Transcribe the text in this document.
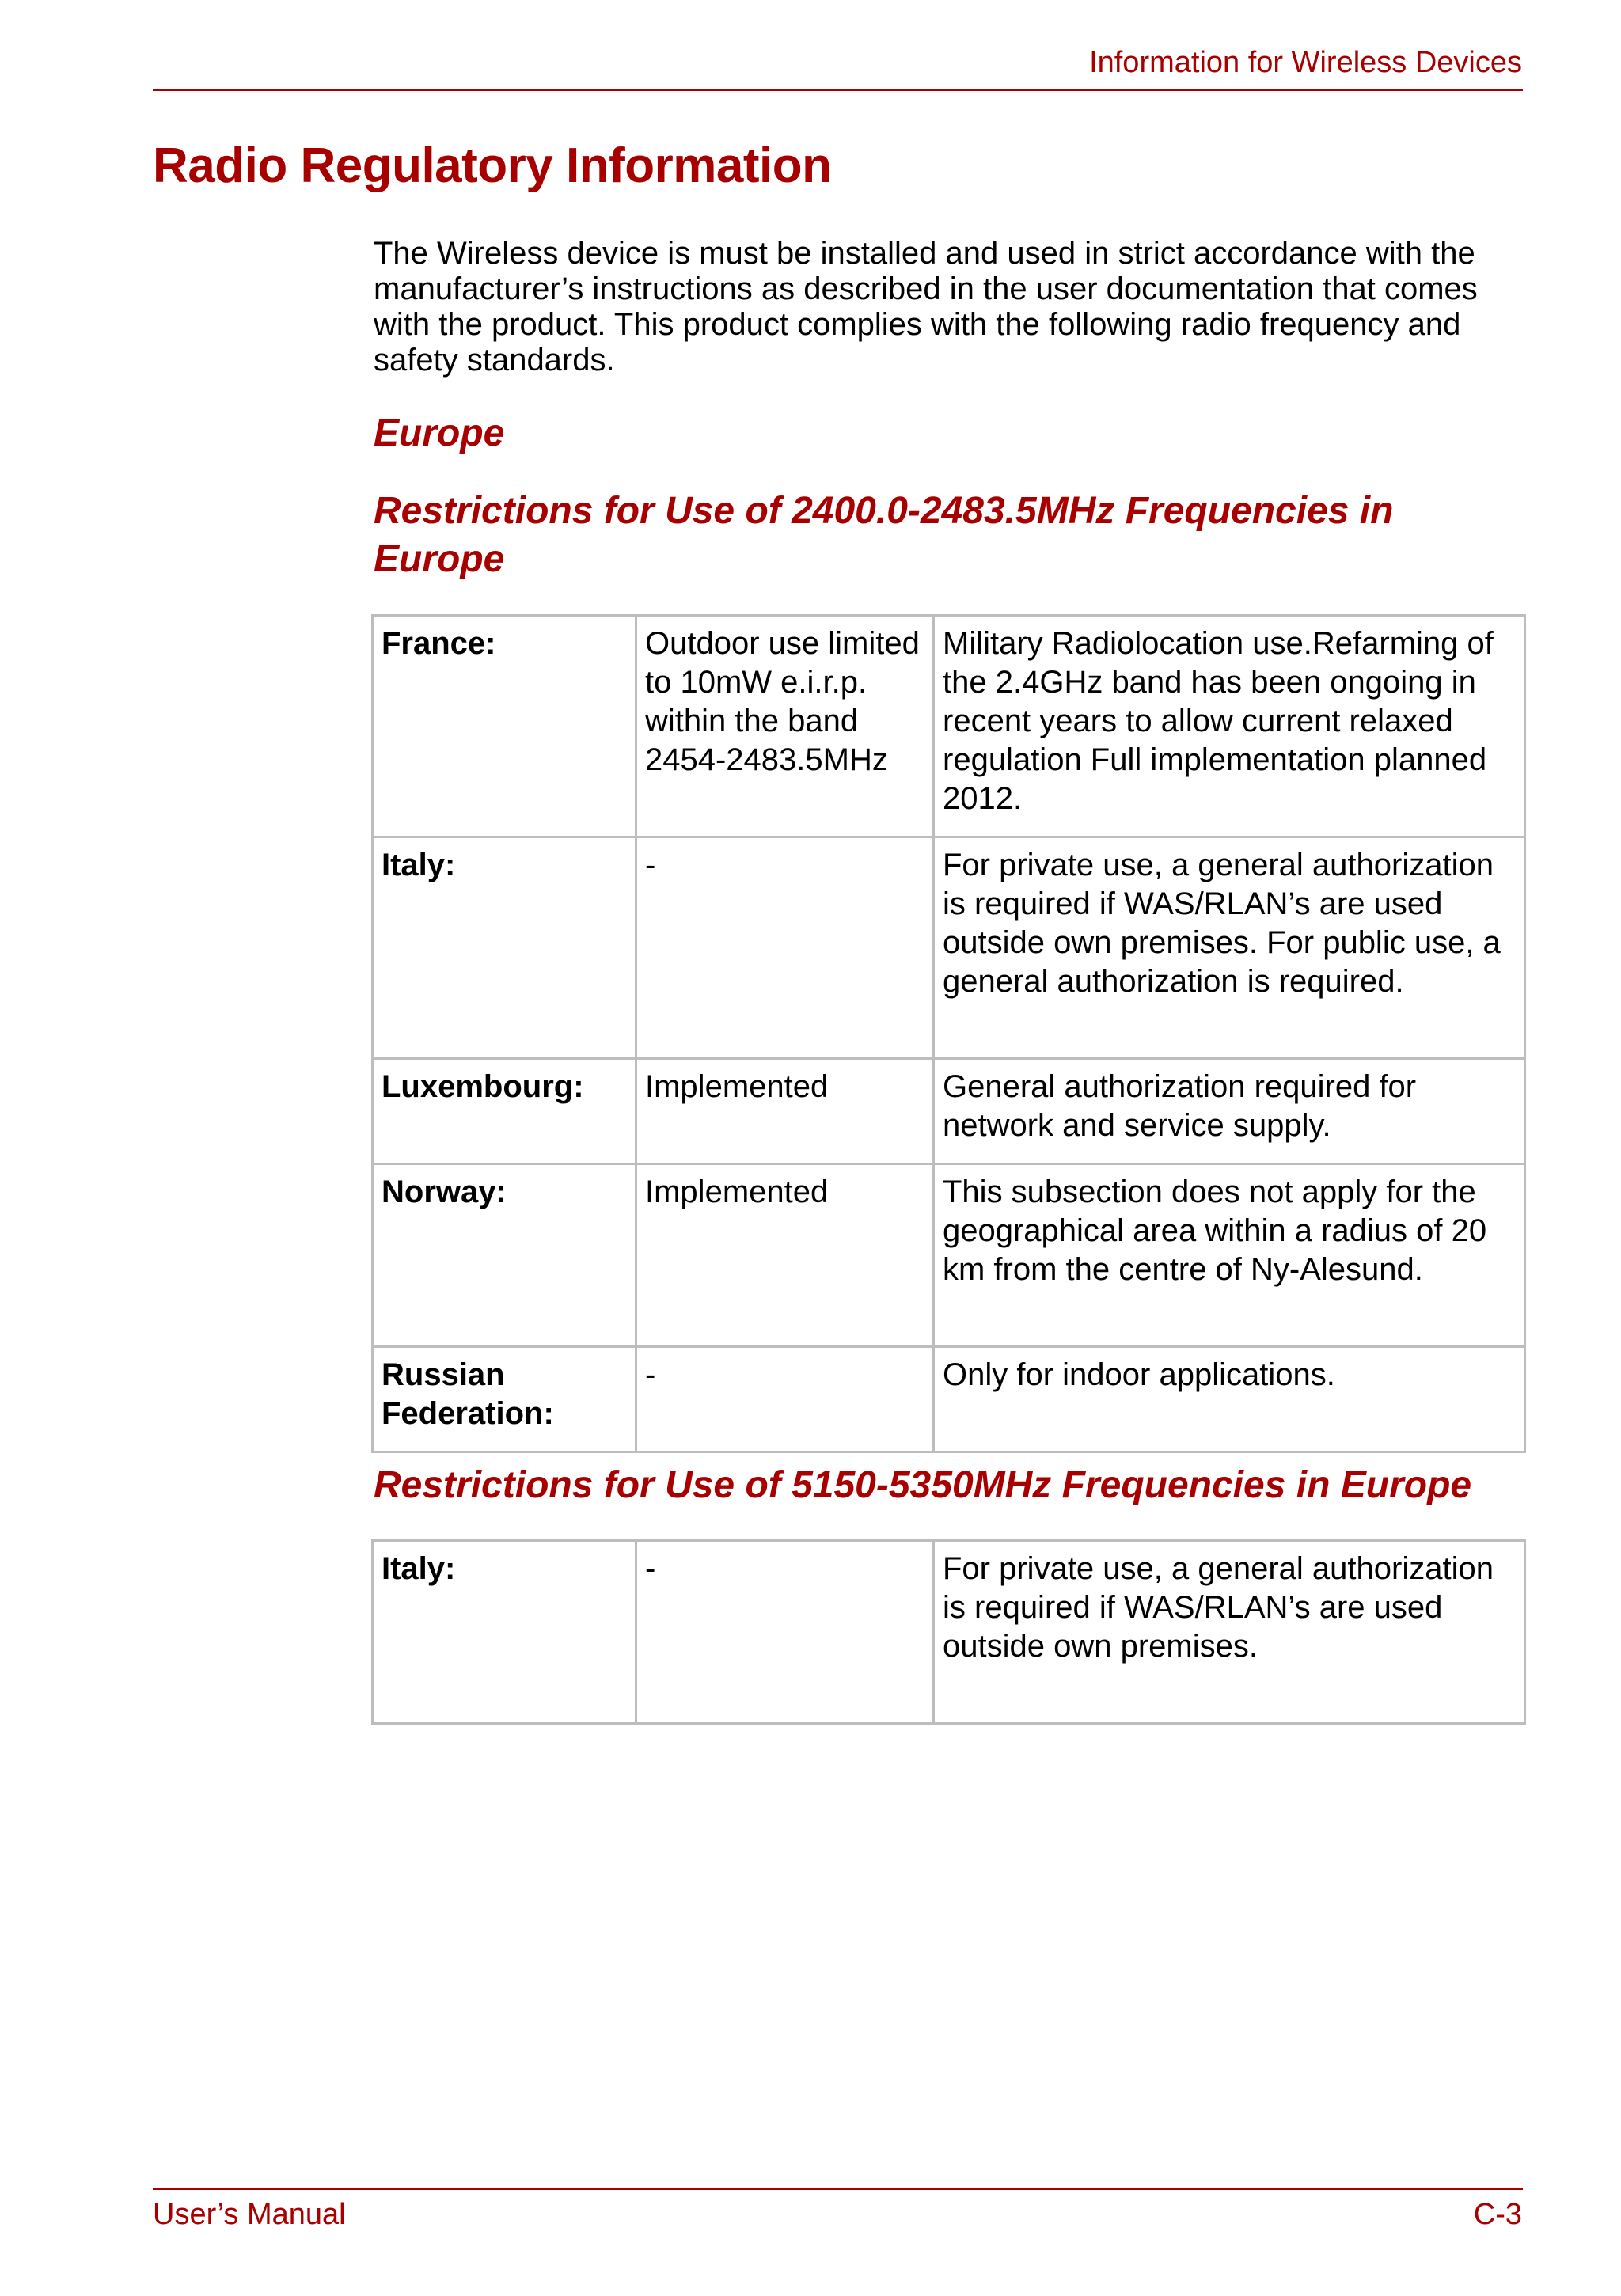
Information for Wireless Devices
Radio Regulatory Information

The Wireless device is must be installed and used in strict accordance with the manufacturer’s instructions as described in the user documentation that comes with the product. This product complies with the following radio frequency and safety standards.

Europe
Restrictions for Use of 2400.0-2483.5MHz Frequencies in Europe
France:	Outdoor use limited to 10mW e.i.r.p. within the band 2454-2483.5MHz	Military Radiolocation use.Refarming of the 2.4GHz band has been ongoing in recent years to allow current relaxed regulation Full implementation planned 2012.
Italy:	-	For private use, a general authorization is required if WAS/RLAN’s are used outside own premises. For public use, a general authorization is required.
Luxembourg:	Implemented	General authorization required for network and service supply.
Norway:	Implemented	This subsection does not apply for the geographical area within a radius of 20 km from the centre of Ny-Alesund.
Russian Federation:	-	Only for indoor applications.
Restrictions for Use of 5150-5350MHz Frequencies in Europe
Italy:	-	For private use, a general authorization is required if WAS/RLAN’s are used outside own premises.
User’s Manual	C-3
